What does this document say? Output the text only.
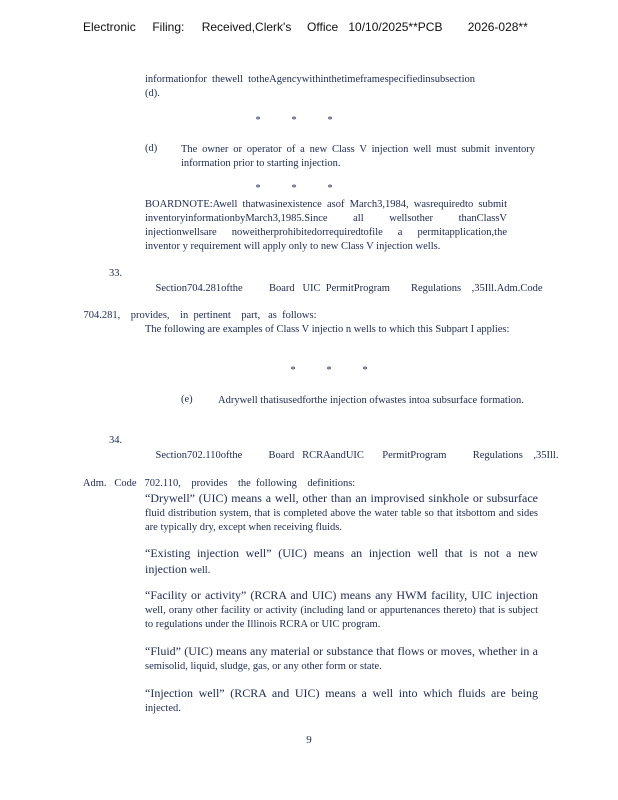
Electronic Filing: Received,Clerk's Office 10/10/2025**PCB 2026-028**
informationfor thewell totheAgencywithinthetimeframespecifiedinsubsection (d).
*	*	*
(d) The owner or operator of a new Class V injection well must submit inventory information prior to starting injection.
*	*	*
BOARDNOTE:Awell thatwasinexistence asof March3,1984, wasrequiredto submit inventoryinformationbyMarch3,1985.Since all wellsother thanClassV injectionwellsare noweitherprohibitedorrequiredtofile a permitapplication,the inventor y requirement will apply only to new Class V injection wells.
33.

Section704.281ofthe          Board   UIC  PermitProgram        Regulations    ,35Ill.Adm.Code

704.281,    provides,    in  pertinent    part,   as  follows:

The following are examples of Class V injectio n wells to which this Subpart I applies:
*	*	*
(e) Adrywell thatisusedforthe injection ofwastes intoa subsurface formation.
34.

Section702.110ofthe          Board   RCRAandUIC       PermitProgram          Regulations    ,35Ill.

Adm.   Code   702.110,    provides    the  following    definitions:

“Drywell” (UIC) means a well, other than an improvised sinkhole or subsurface fluid distribution system, that is completed above the water table so that itsbottom and sides are typically dry, except when receiving fluids.
“Existing injection well” (UIC) means an injection well that is not a new injection well.
“Facility or activity” (RCRA and UIC) means any HWM facility, UIC injection well, orany other facility or activity (including land or appurtenances thereto) that is subject to regulations under the Illinois RCRA or UIC program.
“Fluid” (UIC) means any material or substance that flows or moves, whether in a semisolid, liquid, sludge, gas, or any other form or state.
“Injection well” (RCRA and UIC) means a well into which fluids are being injected.
9
